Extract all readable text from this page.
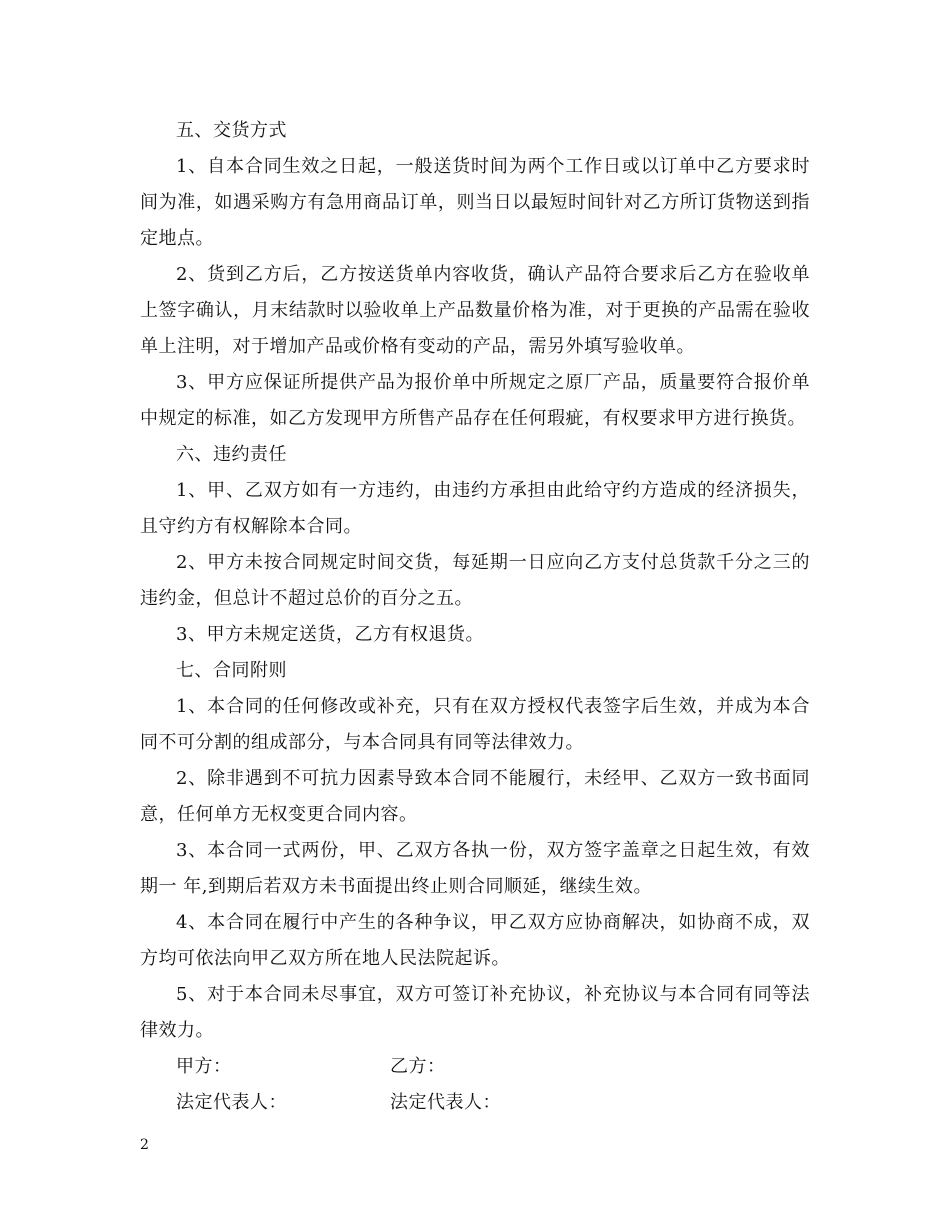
五、交货方式

1、自本合同生效之日起，一般送货时间为两个工作日或以订单中乙方要求时间为准，如遇采购方有急用商品订单，则当日以最短时间针对乙方所订货物送到指定地点。

2、货到乙方后，乙方按送货单内容收货，确认产品符合要求后乙方在验收单上签字确认，月末结款时以验收单上产品数量价格为准，对于更换的产品需在验收单上注明，对于增加产品或价格有变动的产品，需另外填写验收单。

3、甲方应保证所提供产品为报价单中所规定之原厂产品，质量要符合报价单中规定的标准，如乙方发现甲方所售产品存在任何瑕疵，有权要求甲方进行换货。

六、违约责任

1、甲、乙双方如有一方违约，由违约方承担由此给守约方造成的经济损失，且守约方有权解除本合同。

2、甲方未按合同规定时间交货，每延期一日应向乙方支付总货款千分之三的违约金，但总计不超过总价的百分之五。

3、甲方未规定送货，乙方有权退货。

七、合同附则

1、本合同的任何修改或补充，只有在双方授权代表签字后生效，并成为本合同不可分割的组成部分，与本合同具有同等法律效力。

2、除非遇到不可抗力因素导致本合同不能履行，未经甲、乙双方一致书面同意，任何单方无权变更合同内容。

3、本合同一式两份，甲、乙双方各执一份，双方签字盖章之日起生效，有效期一 年,到期后若双方未书面提出终止则合同顺延，继续生效。

4、本合同在履行中产生的各种争议，甲乙双方应协商解决，如协商不成，双方均可依法向甲乙双方所在地人民法院起诉。

5、对于本合同未尽事宜，双方可签订补充协议，补充协议与本合同有同等法律效力。

甲方：	乙方：
法定代表人：	法定代表人：
2
